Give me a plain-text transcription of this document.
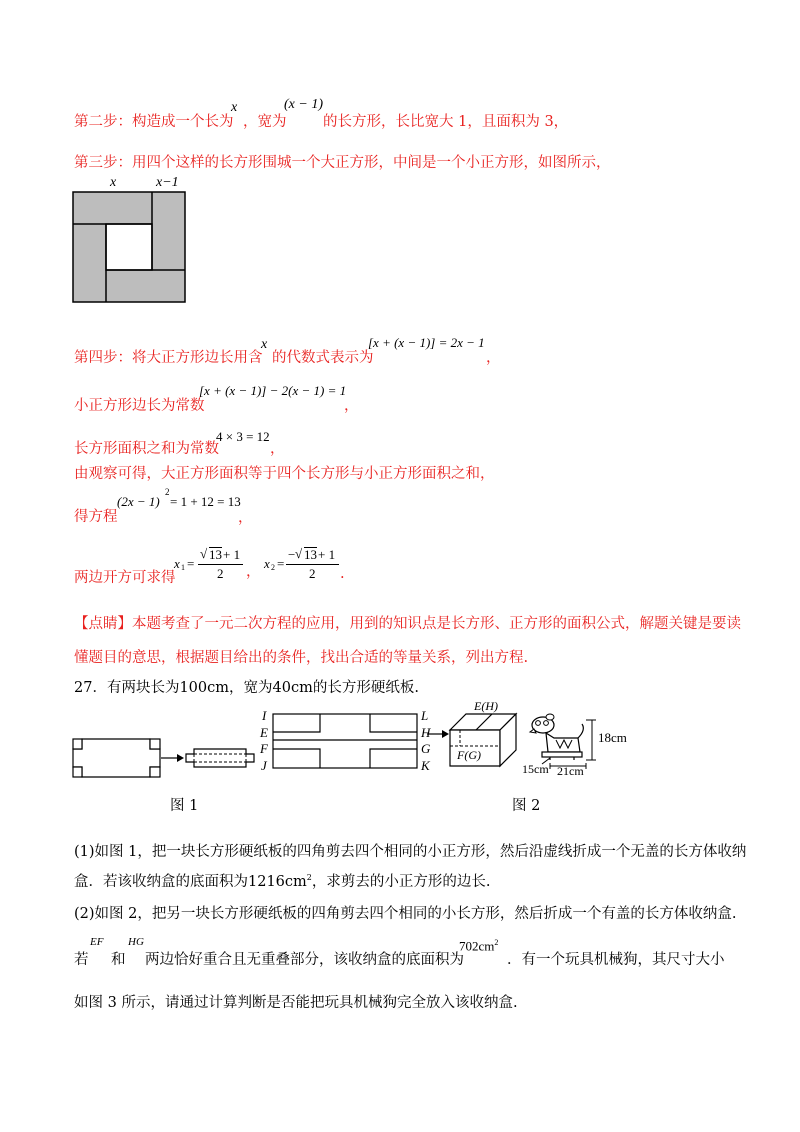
第二步：构造成一个长为
x
，宽为
(x − 1)
的长方形，长比宽大 1，且面积为 3，
第三步：用四个这样的长方形围城一个大正方形，中间是一个小正方形，如图所示，
x	x−1
第四步：将大正方形边长用含
x
的代数式表示为
[x + (x − 1)] = 2x − 1
，
小正方形边长为常数
[x + (x − 1)] − 2(x − 1) = 1
，
长方形面积之和为常数
4 × 3 = 12
，
由观察可得，大正方形面积等于四个长方形与小正方形面积之和，
得方程
(2x − 1)
2
= 1 + 12 = 13
，
两边开方可求得
x 1 =
√ 13 + 1
2 ，
x 2 =
− √ 13 + 1
2 .
【点睛】本题考查了一元二次方程的应用，用到的知识点是长方形、正方形的面积公式，解题关键是要读
懂题目的意思，根据题目给出的条件，找出合适的等量关系，列出方程.
27．有两块长为100cm，宽为40cm的长方形硬纸板.
I
E
F
J
L
H
G
K
E(H)
F(G)
18cm
15cm 21cm
图 1	图 2
(1)如图 1，把一块长方形硬纸板的四角剪去四个相同的小正方形，然后沿虚线折成一个无盖的长方体收纳
盒．若该收纳盒的底面积为$1216cm^2$，求剪去的小正方形的边长.
(2)如图 2，把另一块长方形硬纸板的四角剪去四个相同的小长方形，然后折成一个有盖的长方体收纳盒.
若
EF
和
HG
两边恰好重合且无重叠部分，该收纳盒的底面积为
$702cm^2$
．有一个玩具机械狗，其尺寸大小
如图 3 所示，请通过计算判断是否能把玩具机械狗完全放入该收纳盒.
